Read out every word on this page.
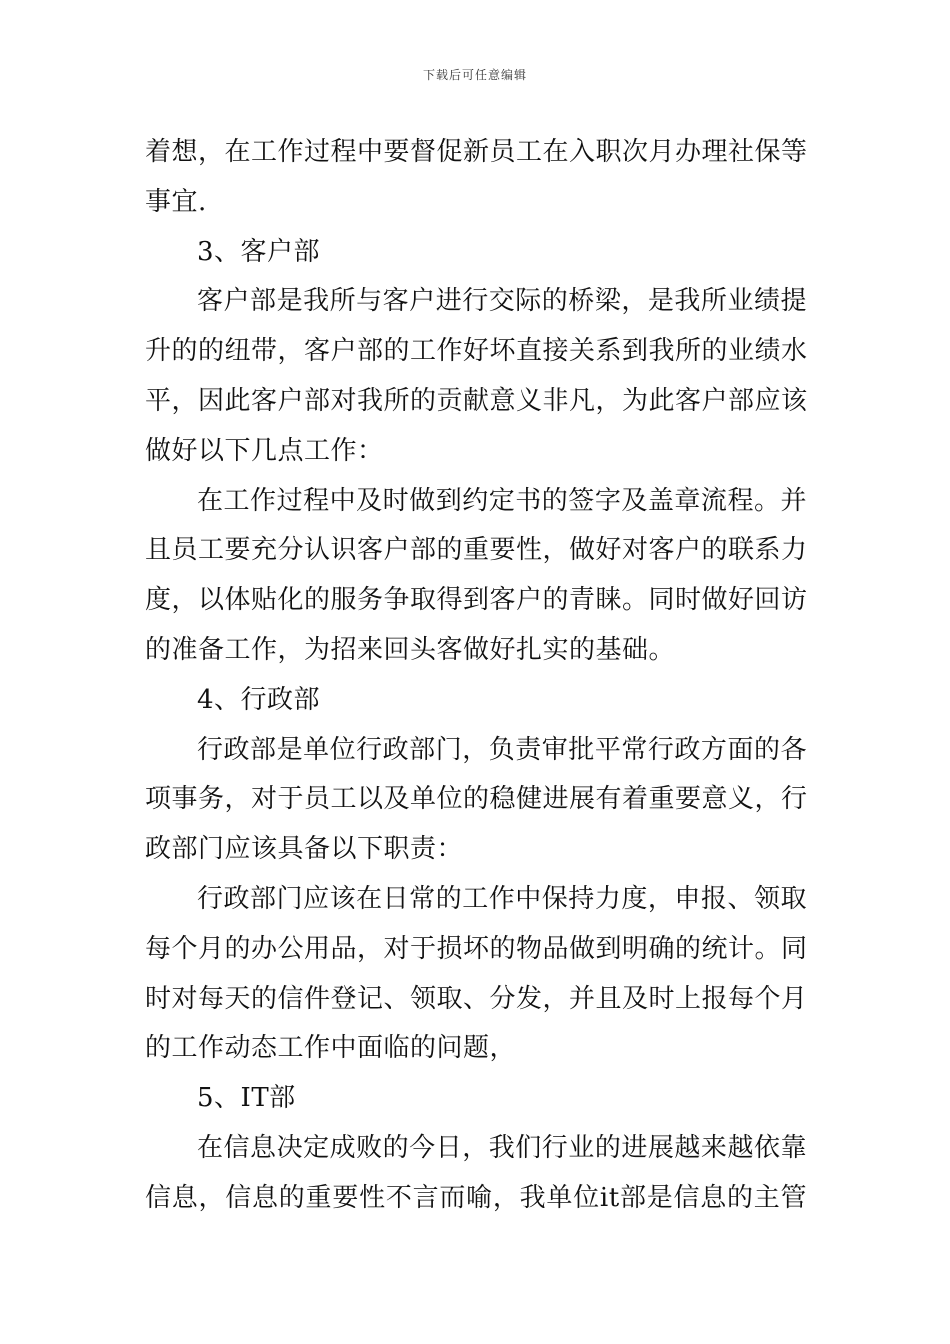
下载后可任意编辑
着想，在工作过程中要督促新员工在入职次月办理社保等
事宜.
3、客户部
客户部是我所与客户进行交际的桥梁，是我所业绩提
升的的纽带，客户部的工作好坏直接关系到我所的业绩水
平，因此客户部对我所的贡献意义非凡，为此客户部应该
做好以下几点工作：
在工作过程中及时做到约定书的签字及盖章流程。并
且员工要充分认识客户部的重要性，做好对客户的联系力
度，以体贴化的服务争取得到客户的青睐。同时做好回访
的准备工作，为招来回头客做好扎实的基础。
4、行政部
行政部是单位行政部门，负责审批平常行政方面的各
项事务，对于员工以及单位的稳健进展有着重要意义，行
政部门应该具备以下职责：
行政部门应该在日常的工作中保持力度，申报、领取
每个月的办公用品，对于损坏的物品做到明确的统计。同
时对每天的信件登记、领取、分发，并且及时上报每个月
的工作动态工作中面临的问题，
5、IT部
在信息决定成败的今日，我们行业的进展越来越依靠
信息，信息的重要性不言而喻，我单位it部是信息的主管
